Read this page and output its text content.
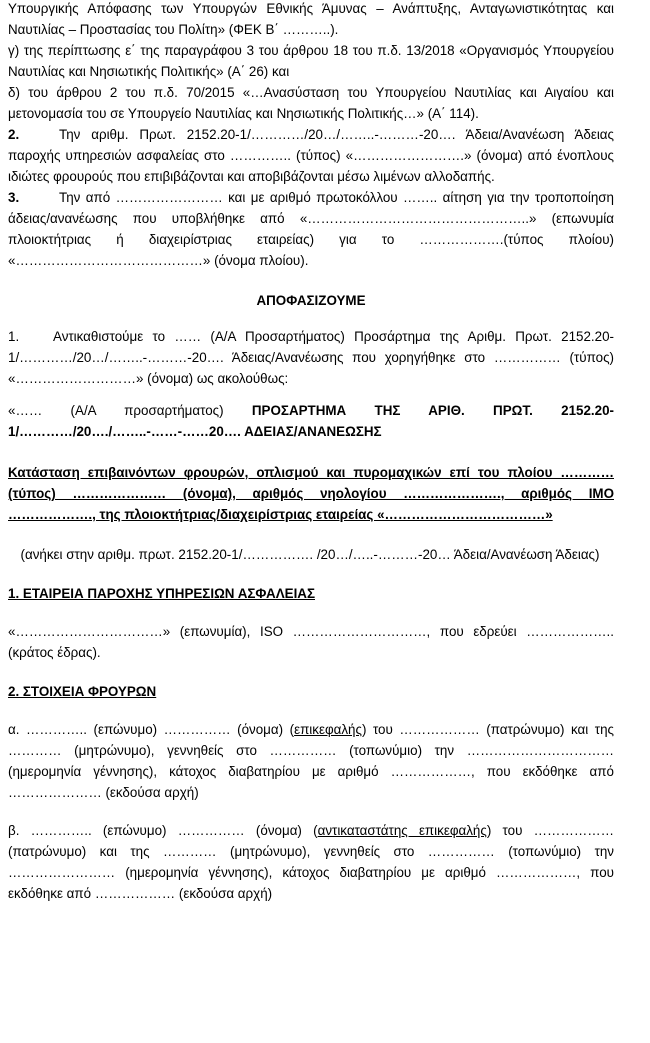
Υπουργικής Απόφασης των Υπουργών Εθνικής Άμυνας – Ανάπτυξης, Ανταγωνιστικότητας και Ναυτιλίας – Προστασίας του Πολίτη» (ΦΕΚ Β΄ ………..).

γ) της περίπτωσης ε΄ της παραγράφου 3 του άρθρου 18 του π.δ. 13/2018 «Οργανισμός Υπουργείου Ναυτιλίας και Νησιωτικής Πολιτικής» (Α΄ 26) και

δ) του άρθρου 2 του π.δ. 70/2015 «…Ανασύσταση του Υπουργείου Ναυτιλίας και Αιγαίου και μετονομασία του σε Υπουργείο Ναυτιλίας και Νησιωτικής Πολιτικής…» (Α΄ 114).

2.	Την αριθμ. Πρωτ. 2152.20-1/…………/20…/……..-………-20…. Άδεια/Ανανέωση Άδειας παροχής υπηρεσιών ασφαλείας στο ………….. (τύπος) «…………………….» (όνομα) από ένοπλους ιδιώτες φρουρούς που επιβιβάζονται και αποβιβάζονται μέσω λιμένων αλλοδαπής.

3.	Την από …………………… και με αριθμό πρωτοκόλλου …….. αίτηση για την τροποποίηση άδειας/ανανέωσης που υποβλήθηκε από «…………………………………………..» (επωνυμία πλοιοκτήτριας ή διαχειρίστριας εταιρείας) για το ……………….(τύπος πλοίου) «……………………………………» (όνομα πλοίου).

ΑΠΟΦΑΣΙΖΟΥΜΕ

1.	Αντικαθιστούμε το …… (Α/Α Προσαρτήματος) Προσάρτημα της Αριθμ. Πρωτ. 2152.20-1/…………/20…/……..-………-20…. Άδειας/Ανανέωσης που χορηγήθηκε στο …………… (τύπος) «………………………» (όνομα) ως ακολούθως:

«…… (Α/Α προσαρτήματος) ΠΡΟΣΑΡΤΗΜΑ ΤΗΣ ΑΡΙΘ. ΠΡΩΤ. 2152.20-1/…………/20…./……..-……-……20…. ΑΔΕΙΑΣ/ΑΝΑΝΕΩΣΗΣ

Κατάσταση επιβαινόντων φρουρών, οπλισμού και πυρομαχικών επί του πλοίου ………… (τύπος) ………………… (όνομα), αριθμός νηολογίου …………………., αριθμός IMO ………………., της πλοιοκτήτριας/διαχειρίστριας εταιρείας «………………………………»

(ανήκει στην αριθμ. πρωτ. 2152.20-1/……………. /20…/…..-………-20… Άδεια/Ανανέωση Άδειας)

1. ΕΤΑΙΡΕΙΑ ΠΑΡΟΧΗΣ ΥΠΗΡΕΣΙΩΝ ΑΣΦΑΛΕΙΑΣ

«……………………………» (επωνυμία), ISO …………………………, που εδρεύει ……………….. (κράτος έδρας).

2. ΣΤΟΙΧΕΙΑ ΦΡΟΥΡΩΝ

α. ………….. (επώνυμο) …………… (όνομα) (επικεφαλής) του ……………… (πατρώνυμο) και της ………… (μητρώνυμο), γεννηθείς στο …………… (τοπωνύμιο) την …………………………… (ημερομηνία γέννησης), κάτοχος διαβατηρίου με αριθμό ………………, που εκδόθηκε από ………………… (εκδούσα αρχή)

β. ………….. (επώνυμο) …………… (όνομα) (αντικαταστάτης επικεφαλής) του ……………… (πατρώνυμο) και της ………… (μητρώνυμο), γεννηθείς στο …………… (τοπωνύμιο) την …………………… (ημερομηνία γέννησης), κάτοχος διαβατηρίου με αριθμό ………………, που εκδόθηκε από ……………… (εκδούσα αρχή)
